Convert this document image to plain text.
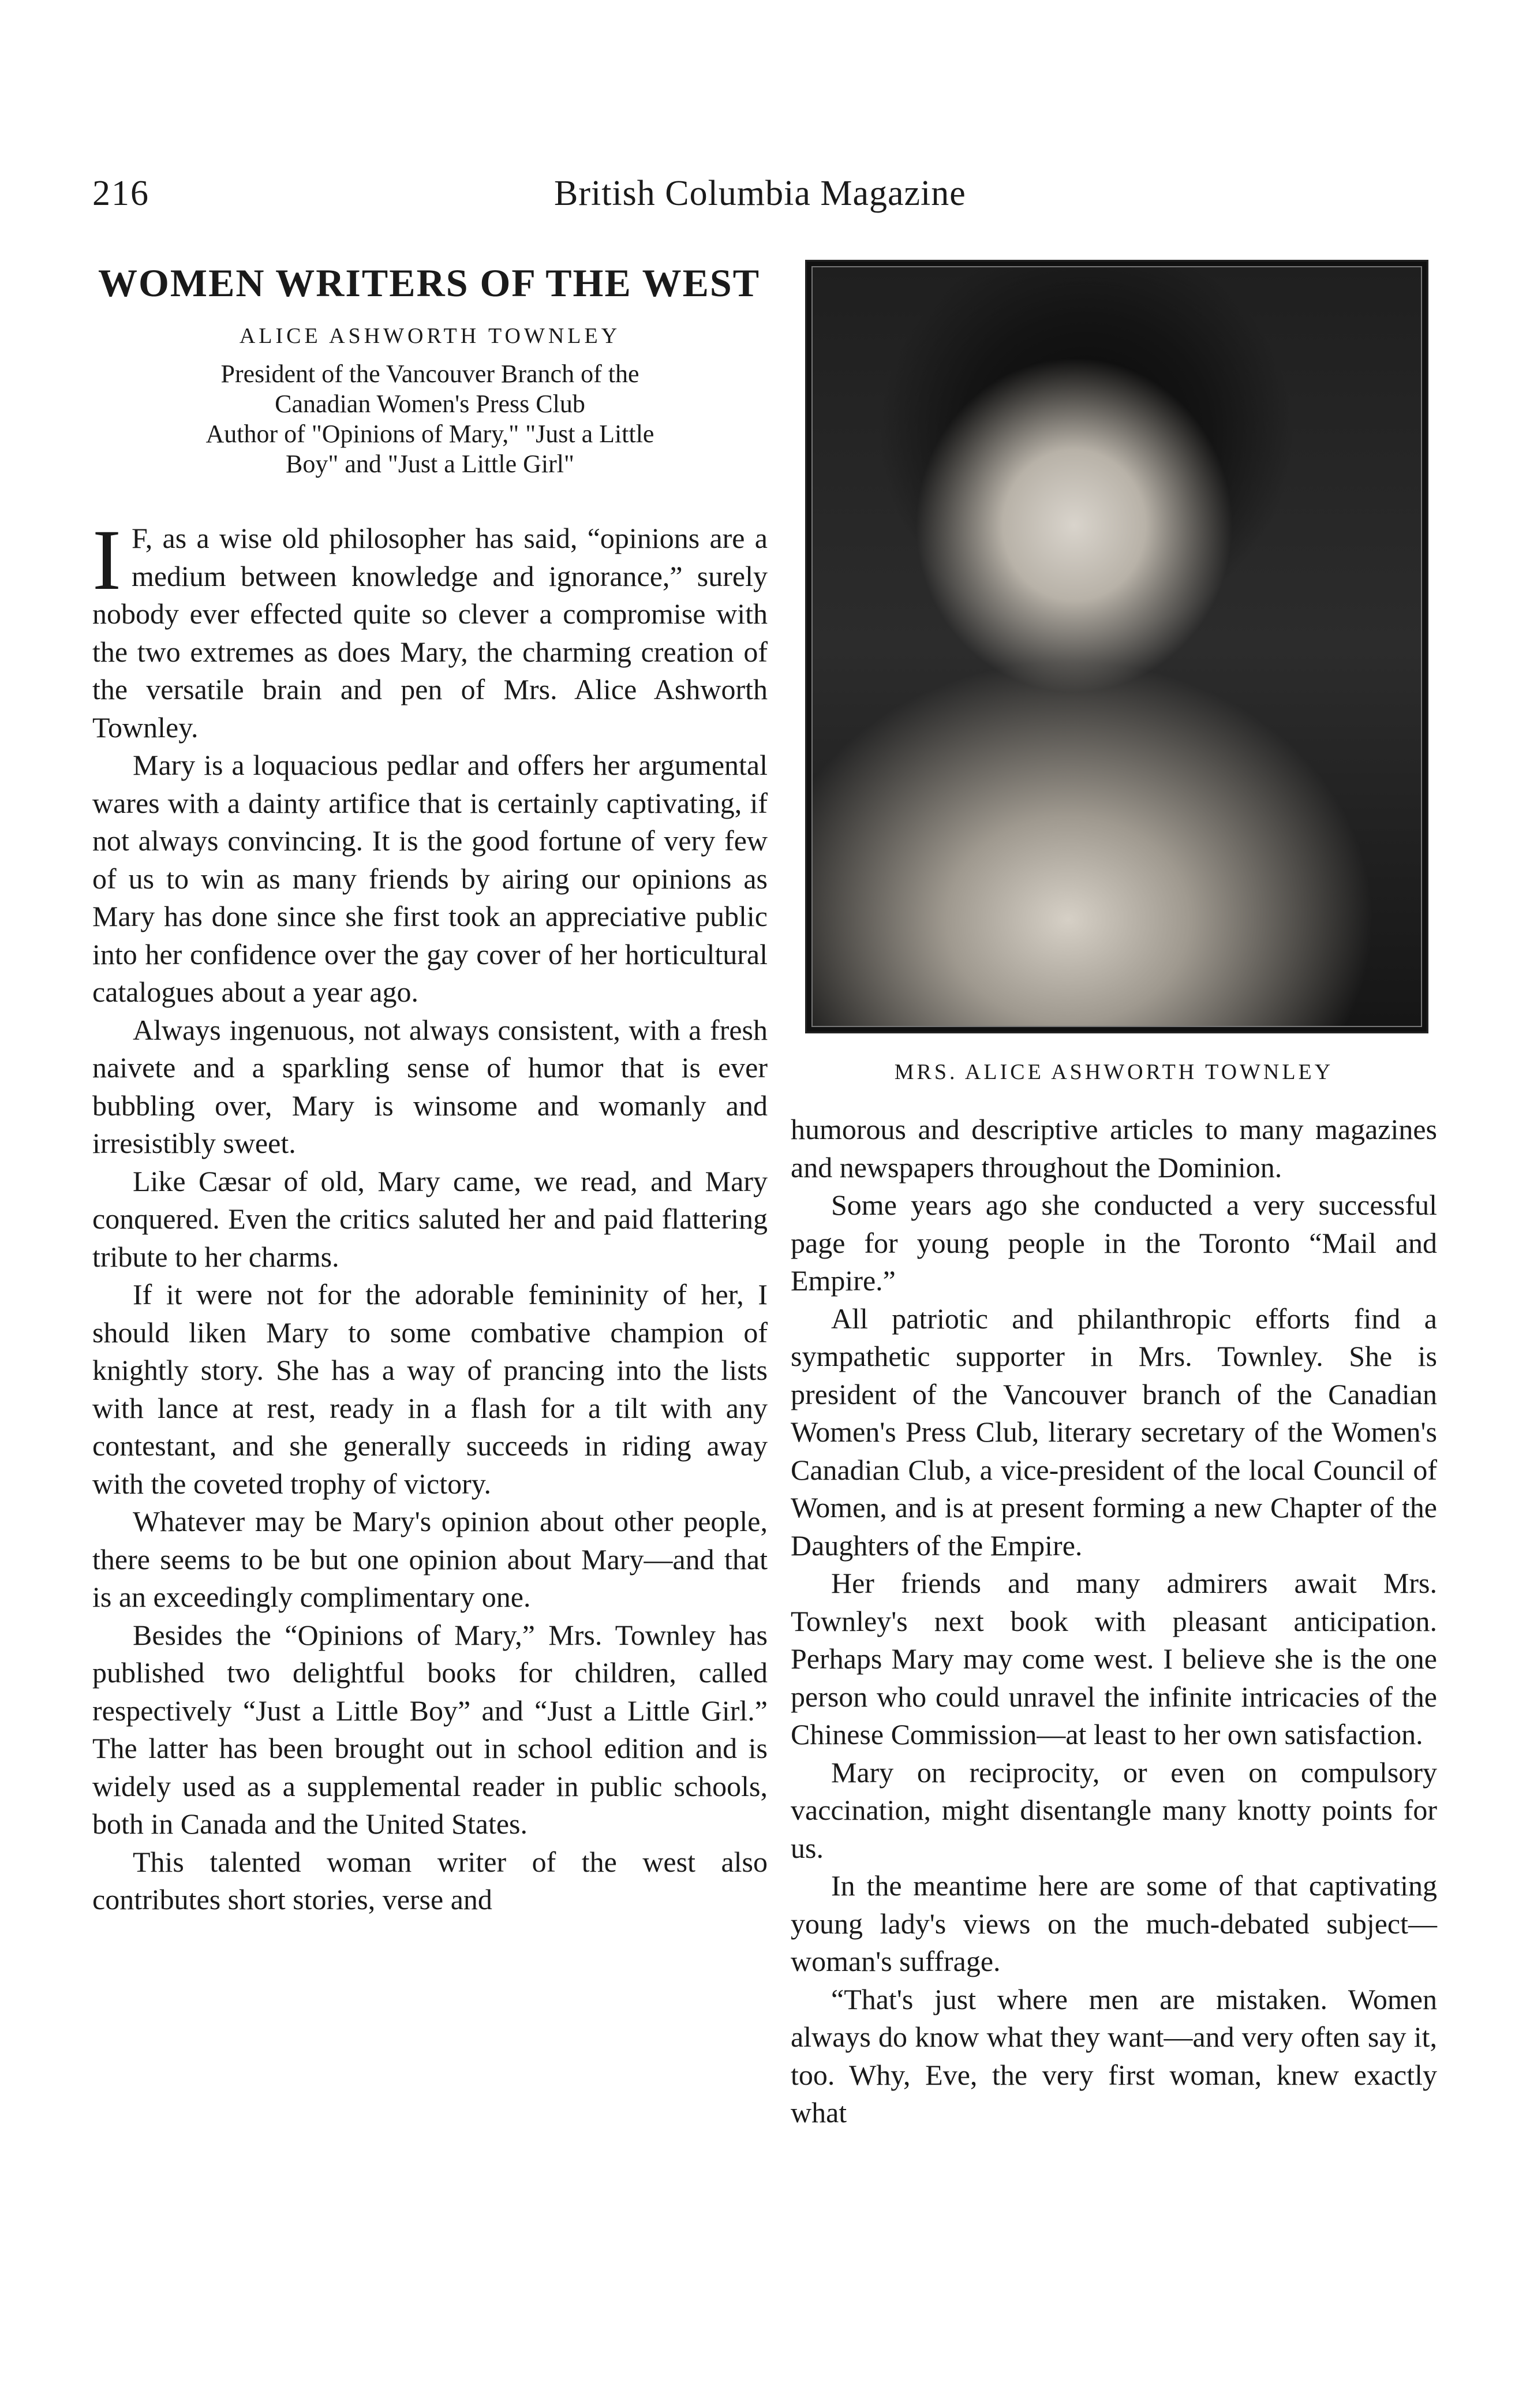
216	British Columbia Magazine
WOMEN WRITERS OF THE WEST
ALICE ASHWORTH TOWNLEY

President of the Vancouver Branch of the

Canadian Women's Press Club

Author of "Opinions of Mary," "Just a Little

Boy" and "Just a Little Girl"

I F, as a wise old philosopher has said, “opinions are a medium between knowledge and ignorance,” surely nobody ever effected quite so clever a compromise with the two extremes as does Mary, the charming creation of the versatile brain and pen of Mrs. Alice Ashworth Townley.

Mary is a loquacious pedlar and offers her argumental wares with a dainty artifice that is certainly captivating, if not always convincing. It is the good fortune of very few of us to win as many friends by airing our opinions as Mary has done since she first took an appreciative public into her confidence over the gay cover of her horticultural catalogues about a year ago.

Always ingenuous, not always consistent, with a fresh naivete and a sparkling sense of humor that is ever bubbling over, Mary is winsome and womanly and irresistibly sweet.

Like Cæsar of old, Mary came, we read, and Mary conquered. Even the critics saluted her and paid flattering tribute to her charms.

If it were not for the adorable femininity of her, I should liken Mary to some combative champion of knightly story. She has a way of prancing into the lists with lance at rest, ready in a flash for a tilt with any contestant, and she generally succeeds in riding away with the coveted trophy of victory.

Whatever may be Mary's opinion about other people, there seems to be but one opinion about Mary—and that is an exceedingly complimentary one.

Besides the “Opinions of Mary,” Mrs. Townley has published two delightful books for children, called respectively “Just a Little Boy” and “Just a Little Girl.” The latter has been brought out in school edition and is widely used as a supplemental reader in public schools, both in Canada and the United States.

This talented woman writer of the west also contributes short stories, verse and

MRS. ALICE ASHWORTH TOWNLEY

humorous and descriptive articles to many magazines and newspapers throughout the Dominion.

Some years ago she conducted a very successful page for young people in the Toronto “Mail and Empire.”

All patriotic and philanthropic efforts find a sympathetic supporter in Mrs. Townley. She is president of the Vancouver branch of the Canadian Women's Press Club, literary secretary of the Women's Canadian Club, a vice-president of the local Council of Women, and is at present forming a new Chapter of the Daughters of the Empire.

Her friends and many admirers await Mrs. Townley's next book with pleasant anticipation. Perhaps Mary may come west. I believe she is the one person who could unravel the infinite intricacies of the Chinese Commission—at least to her own satisfaction.

Mary on reciprocity, or even on compulsory vaccination, might disentangle many knotty points for us.

In the meantime here are some of that captivating young lady's views on the much-debated subject—woman's suffrage.

“That's just where men are mistaken. Women always do know what they want—and very often say it, too. Why, Eve, the very first woman, knew exactly what
